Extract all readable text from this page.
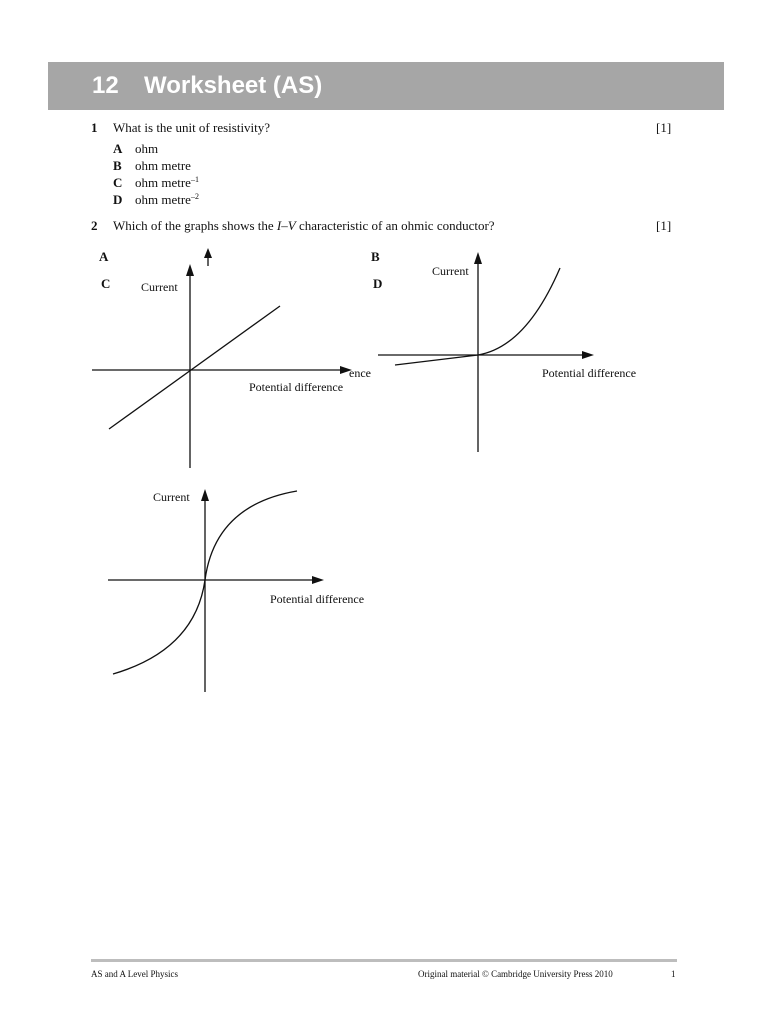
12 Worksheet (AS)
1 What is the unit of resistivity?	[1]
A ohm
B ohm metre
C ohm metre$^{-1}$
D ohm metre$^{-2}$
2 Which of the graphs shows the I–V characteristic of an ohmic conductor?	[1]
A
C
B
D
Current
Potential difference
ence
Current
Potential difference
Current
Potential difference
AS and A Level Physics	Original material © Cambridge University Press 2010	1
